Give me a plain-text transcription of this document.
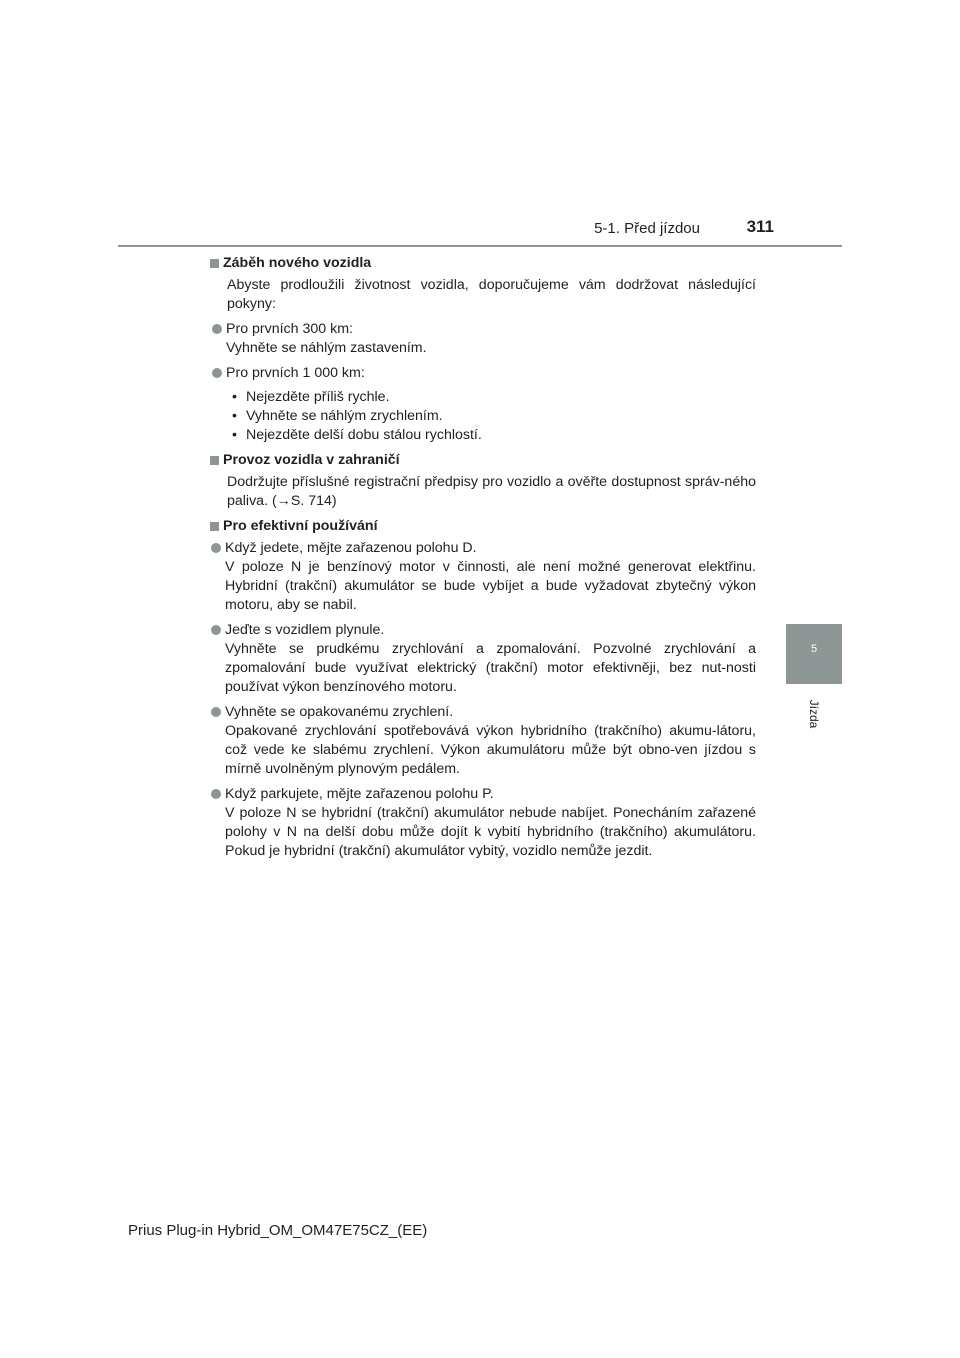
5-1. Před jízdou	311
5
Jízda
Záběh nového vozidla
Abyste prodloužili životnost vozidla, doporučujeme vám dodržovat následující pokyny:
Pro prvních 300 km:
Vyhněte se náhlým zastavením.
Pro prvních 1 000 km:
• Nejezděte příliš rychle.
• Vyhněte se náhlým zrychlením.
• Nejezděte delší dobu stálou rychlostí.
Provoz vozidla v zahraničí
Dodržujte příslušné registrační předpisy pro vozidlo a ověřte dostupnost správ-ného paliva. (→S. 714)
Pro efektivní používání
Když jedete, mějte zařazenou polohu D.
V poloze N je benzínový motor v činnosti, ale není možné generovat elektřinu. Hybridní (trakční) akumulátor se bude vybíjet a bude vyžadovat zbytečný výkon motoru, aby se nabil.
Jeďte s vozidlem plynule.
Vyhněte se prudkému zrychlování a zpomalování. Pozvolné zrychlování a zpomalování bude využívat elektrický (trakční) motor efektivněji, bez nut-nosti používat výkon benzínového motoru.
Vyhněte se opakovanému zrychlení.
Opakované zrychlování spotřebovává výkon hybridního (trakčního) akumu-látoru, což vede ke slabému zrychlení. Výkon akumulátoru může být obno-ven jízdou s mírně uvolněným plynovým pedálem.
Když parkujete, mějte zařazenou polohu P.
V poloze N se hybridní (trakční) akumulátor nebude nabíjet. Ponecháním zařazené polohy v N na delší dobu může dojít k vybití hybridního (trakčního) akumulátoru. Pokud je hybridní (trakční) akumulátor vybitý, vozidlo nemůže jezdit.
Prius Plug-in Hybrid_OM_OM47E75CZ_(EE)
